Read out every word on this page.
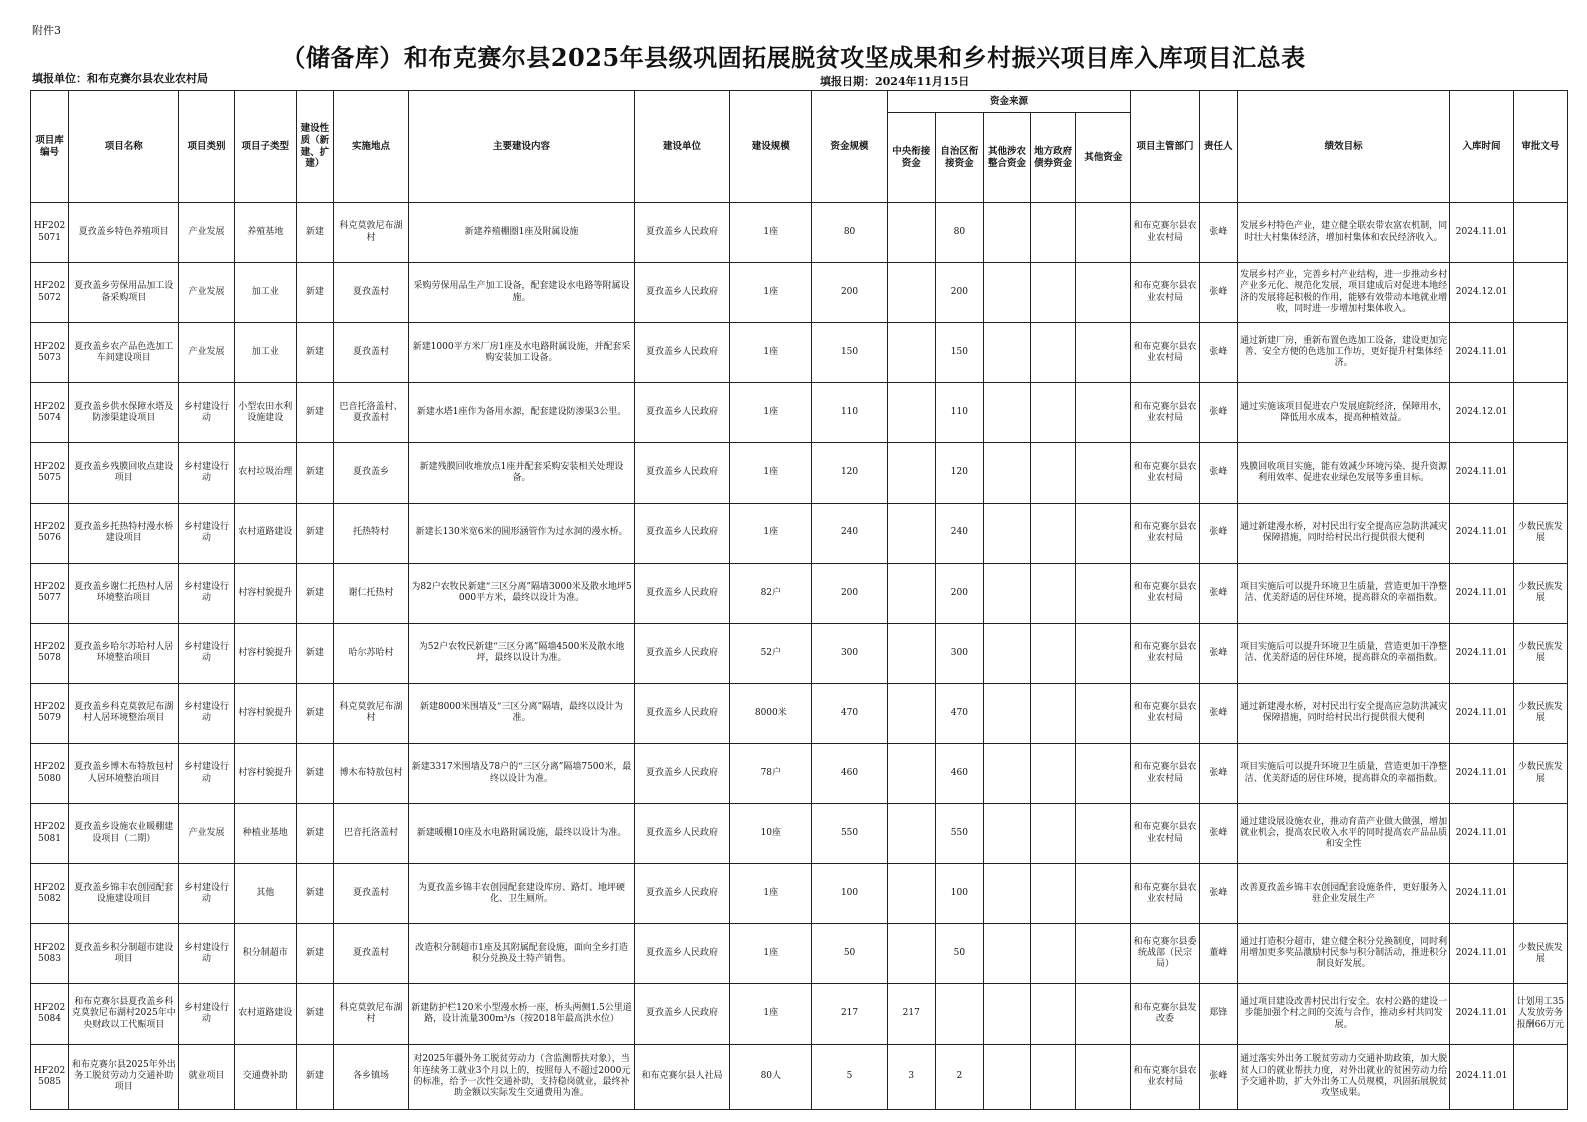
附件3
（储备库）和布克赛尔县2025年县级巩固拓展脱贫攻坚成果和乡村振兴项目库入库项目汇总表
填报单位：和布克赛尔县农业农村局	填报日期：2024年11月15日
项目库编号	项目名称	项目类别	项目子类型	建设性质（新建、扩建）	实施地点	主要建设内容	建设单位	建设规模	资金规模	资金来源					项目主管部门	责任人	绩效目标	入库时间	审批文号
										中央衔接资金	自治区衔接资金	其他涉农整合资金	地方政府债券资金	其他资金					
HF2025071	夏孜盖乡特色养殖项目	产业发展	养殖基地	新建	科克莫敦尼布湖村	新建养殖棚圈1座及附属设施	夏孜盖乡人民政府	1座	80		80				和布克赛尔县农业农村局	张峰	发展乡村特色产业，建立健全联农带农富农机制，同时壮大村集体经济，增加村集体和农民经济收入。	2024.11.01	
HF2025072	夏孜盖乡劳保用品加工设备采购项目	产业发展	加工业	新建	夏孜盖村	采购劳保用品生产加工设备，配套建设水电路等附属设施。	夏孜盖乡人民政府	1座	200		200				和布克赛尔县农业农村局	张峰	发展乡村产业，完善乡村产业结构，进一步推动乡村产业多元化、规范化发展，项目建成后对促进本地经济的发展将起积极的作用，能够有效带动本地就业增收，同时进一步增加村集体收入。	2024.12.01	
HF2025073	夏孜盖乡农产品色选加工车间建设项目	产业发展	加工业	新建	夏孜盖村	新建1000平方米厂房1座及水电路附属设施，并配套采购安装加工设备。	夏孜盖乡人民政府	1座	150		150				和布克赛尔县农业农村局	张峰	通过新建厂房，重新布置色选加工设备，建设更加完善、安全方便的色选加工作坊，更好提升村集体经济。	2024.11.01	
HF2025074	夏孜盖乡供水保障水塔及防渗渠建设项目	乡村建设行动	小型农田水利设施建设	新建	巴音托洛盖村、夏孜盖村	新建水塔1座作为备用水源，配套建设防渗渠3公里。	夏孜盖乡人民政府	1座	110		110				和布克赛尔县农业农村局	张峰	通过实施该项目促进农户发展庭院经济，保障用水，降低用水成本，提高种植效益。	2024.12.01	
HF2025075	夏孜盖乡残膜回收点建设项目	乡村建设行动	农村垃圾治理	新建	夏孜盖乡	新建残膜回收堆放点1座并配套采购安装相关处理设备。	夏孜盖乡人民政府	1座	120		120				和布克赛尔县农业农村局	张峰	残膜回收项目实施，能有效减少环境污染、提升资源利用效率、促进农业绿色发展等多重目标。	2024.11.01	
HF2025076	夏孜盖乡托热特村漫水桥建设项目	乡村建设行动	农村道路建设	新建	托热特村	新建长130米宽6米的圆形涵管作为过水洞的漫水桥。	夏孜盖乡人民政府	1座	240		240				和布克赛尔县农业农村局	张峰	通过新建漫水桥，对村民出行安全提高应急防洪减灾保障措施，同时给村民出行提供很大便利	2024.11.01	少数民族发展
HF2025077	夏孜盖乡谢仁托热村人居环境整治项目	乡村建设行动	村容村貌提升	新建	谢仁托热村	为82户农牧民新建“三区分离”隔墙3000米及散水地坪5000平方米，最终以设计为准。	夏孜盖乡人民政府	82户	200		200				和布克赛尔县农业农村局	张峰	项目实施后可以提升环境卫生质量，营造更加干净整洁、优美舒适的居住环境，提高群众的幸福指数。	2024.11.01	少数民族发展
HF2025078	夏孜盖乡哈尔苏哈村人居环境整治项目	乡村建设行动	村容村貌提升	新建	哈尔苏哈村	为52户农牧民新建“三区分离”隔墙4500米及散水地坪，最终以设计为准。	夏孜盖乡人民政府	52户	300		300				和布克赛尔县农业农村局	张峰	项目实施后可以提升环境卫生质量，营造更加干净整洁、优美舒适的居住环境，提高群众的幸福指数。	2024.11.01	少数民族发展
HF2025079	夏孜盖乡科克莫敦尼布湖村人居环境整治项目	乡村建设行动	村容村貌提升	新建	科克莫敦尼布湖村	新建8000米围墙及“三区分离”隔墙，最终以设计为准。	夏孜盖乡人民政府	8000米	470		470				和布克赛尔县农业农村局	张峰	通过新建漫水桥，对村民出行安全提高应急防洪减灾保障措施，同时给村民出行提供很大便利	2024.11.01	少数民族发展
HF2025080	夏孜盖乡博木布特敖包村人居环境整治项目	乡村建设行动	村容村貌提升	新建	博木布特敖包村	新建3317米围墙及78户的“三区分离”隔墙7500米，最终以设计为准。	夏孜盖乡人民政府	78户	460		460				和布克赛尔县农业农村局	张峰	项目实施后可以提升环境卫生质量，营造更加干净整洁、优美舒适的居住环境，提高群众的幸福指数。	2024.11.01	少数民族发展
HF2025081	夏孜盖乡设施农业暖棚建设项目（二期）	产业发展	种植业基地	新建	巴音托洛盖村	新建暖棚10座及水电路附属设施，最终以设计为准。	夏孜盖乡人民政府	10座	550		550				和布克赛尔县农业农村局	张峰	通过建设展设施农业，推动育苗产业做大做强，增加就业机会，提高农民收入水平的同时提高农产品品质和安全性	2024.11.01	
HF2025082	夏孜盖乡锦丰农创园配套设施建设项目	乡村建设行动	其他	新建	夏孜盖村	为夏孜盖乡锦丰农创园配套建设库房、路灯、地坪硬化、卫生厕所。	夏孜盖乡人民政府	1座	100		100				和布克赛尔县农业农村局	张峰	改善夏孜盖乡锦丰农创园配套设施条件，更好服务入驻企业发展生产	2024.11.01	
HF2025083	夏孜盖乡积分制超市建设项目	乡村建设行动	积分制超市	新建	夏孜盖村	改造积分制超市1座及其附属配套设施，面向全乡打造积分兑换及土特产销售。	夏孜盖乡人民政府	1座	50		50				和布克赛尔县委统战部（民宗局）	董峰	通过打造积分超市，建立健全积分兑换制度，同时利用增加更多奖品激励村民参与积分制活动，推进积分制良好发展。	2024.11.01	少数民族发展
HF2025084	和布克赛尔县夏孜盖乡科克莫敦尼布湖村2025年中央财政以工代赈项目	乡村建设行动	农村道路建设	新建	科克莫敦尼布湖村	新建防护栏120米小型漫水桥一座，桥头两侧1.5公里道路，设计流量300m³/s（按2018年最高洪水位）	夏孜盖乡人民政府	1座	217	217					和布克赛尔县发改委	郑锋	通过项目建设改善村民出行安全。农村公路的建设一步能加强个村之间的交流与合作，推动乡村共同发展。	2024.11.01	计划用工35人发放劳务报酬66万元
HF2025085	和布克赛尔县2025年外出务工脱贫劳动力交通补助项目	就业项目	交通费补助	新建	各乡镇场	对2025年疆外务工脱贫劳动力（含监测帮扶对象），当年连续务工就业3个月以上的，按照每人不超过2000元的标准，给予一次性交通补助，支持稳岗就业，最终补助金额以实际发生交通费用为准。	和布克赛尔县人社局	80人	5	3	2				和布克赛尔县农业农村局	张峰	通过落实外出务工脱贫劳动力交通补助政策，加大脱贫人口的就业帮扶力度，对外出就业的贫困劳动力给予交通补助，扩大外出务工人员规模，巩固拓展脱贫攻坚成果。	2024.11.01	
